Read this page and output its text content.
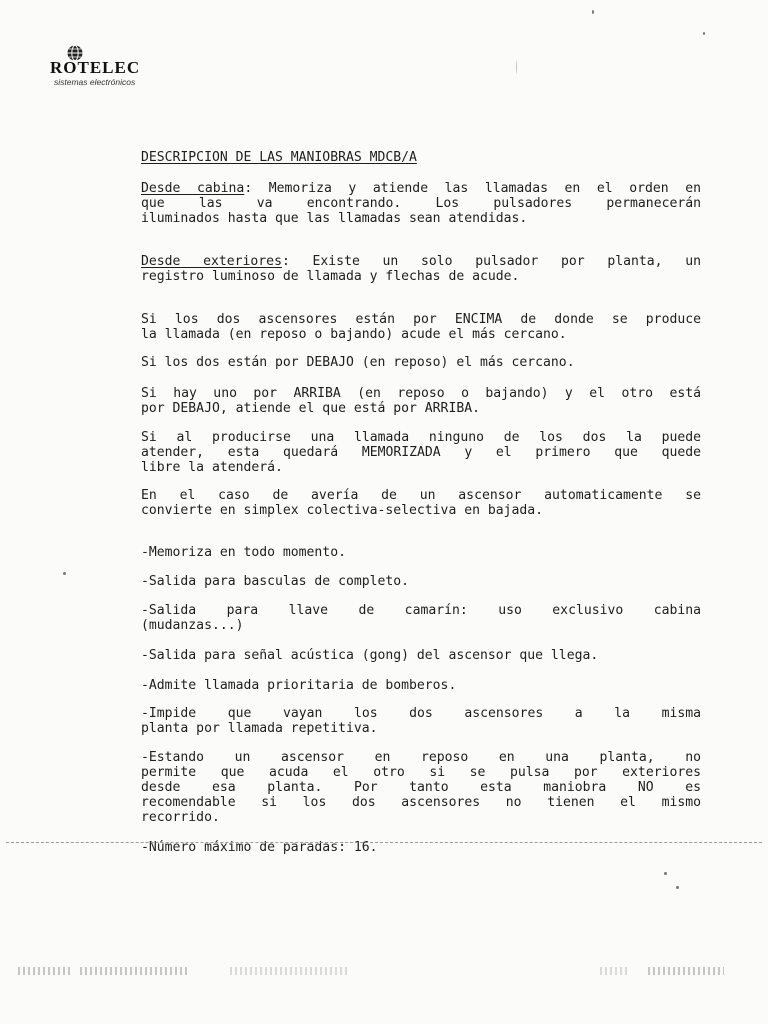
ROTELEC
sistemas electrónicos
DESCRIPCION DE LAS MANIOBRAS MDCB/A
Desde cabina: Memoriza y atiende las llamadas en el orden en
que las va encontrando. Los pulsadores permanecerán
iluminados hasta que las llamadas sean atendidas.
Desde exteriores: Existe un solo pulsador por planta, un
registro luminoso de llamada y flechas de acude.
Si los dos ascensores están por ENCIMA de donde se produce
la llamada (en reposo o bajando) acude el más cercano.
Si los dos están por DEBAJO (en reposo) el más cercano.
Si hay uno por ARRIBA (en reposo o bajando) y el otro está
por DEBAJO, atiende el que está por ARRIBA.
Si al producirse una llamada ninguno de los dos la puede
atender, esta quedará MEMORIZADA y el primero que quede
libre la atenderá.
En el caso de avería de un ascensor automaticamente se
convierte en simplex colectiva-selectiva en bajada.
-Memoriza en todo momento.
-Salida para basculas de completo.
-Salida para llave de camarín: uso exclusivo cabina
(mudanzas...)
-Salida para señal acústica (gong) del ascensor que llega.
-Admite llamada prioritaria de bomberos.
-Impide que vayan los dos ascensores a la misma
planta por llamada repetitiva.
-Estando un ascensor en reposo en una planta, no
permite que acuda el otro si se pulsa por exteriores
desde esa planta. Por tanto esta maniobra NO es
recomendable si los dos ascensores no tienen el mismo
recorrido.
-Número máximo de paradas: 16.
